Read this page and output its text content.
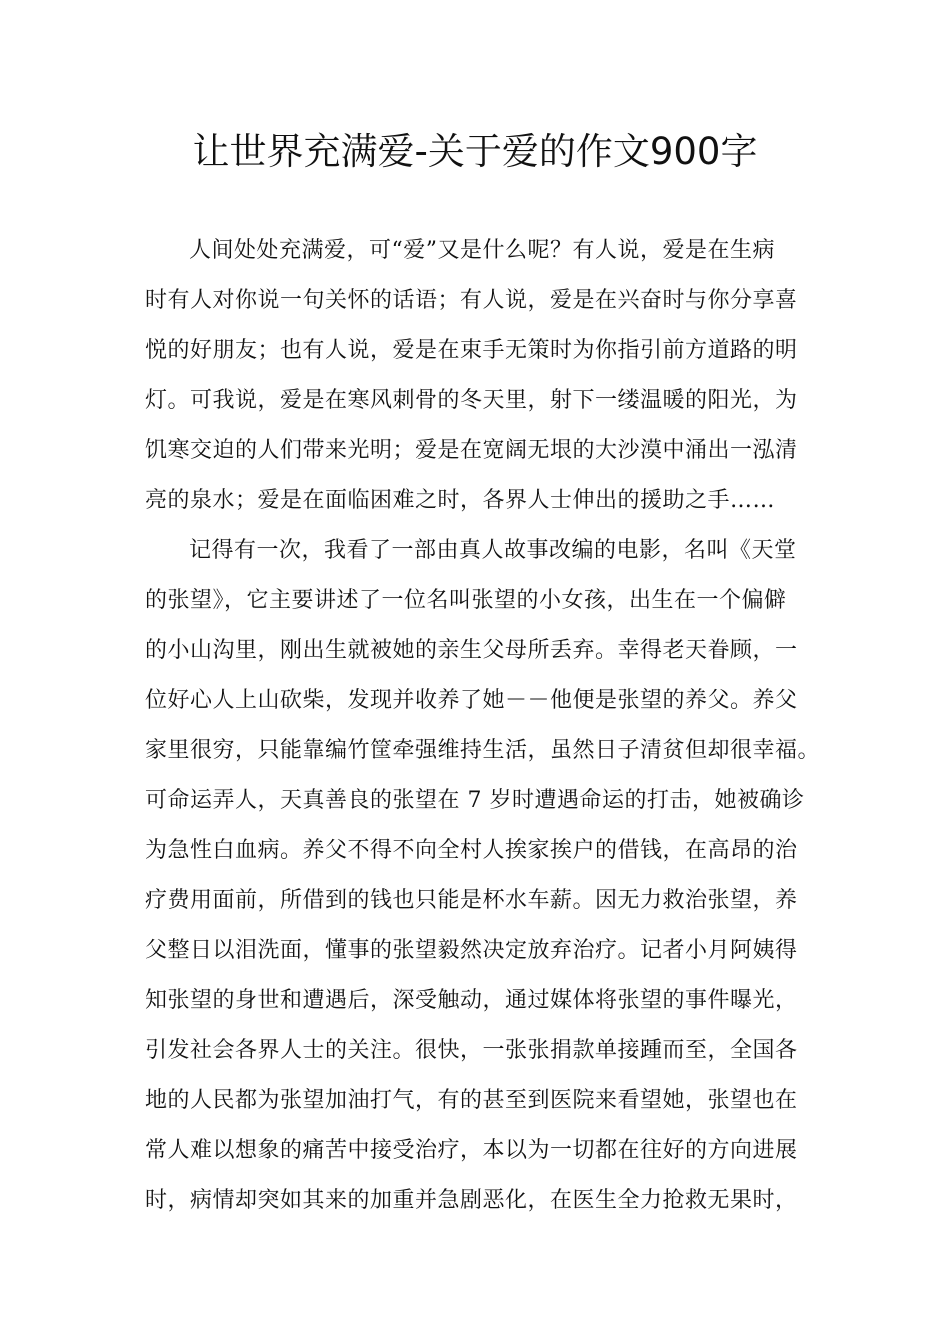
让世界充满爱-关于爱的作文900字
人间处处充满爱，可“爱”又是什么呢？有人说，爱是在生病
时有人对你说一句关怀的话语；有人说，爱是在兴奋时与你分享喜
悦的好朋友；也有人说，爱是在束手无策时为你指引前方道路的明
灯。可我说，爱是在寒风刺骨的冬天里，射下一缕温暖的阳光，为
饥寒交迫的人们带来光明；爱是在宽阔无垠的大沙漠中涌出一泓清
亮的泉水；爱是在面临困难之时，各界人士伸出的援助之手……
记得有一次，我看了一部由真人故事改编的电影，名叫《天堂
的张望》，它主要讲述了一位名叫张望的小女孩，出生在一个偏僻
的小山沟里，刚出生就被她的亲生父母所丢弃。幸得老天眷顾，一
位好心人上山砍柴，发现并收养了她－－他便是张望的养父。养父
家里很穷，只能靠编竹筐牵强维持生活，虽然日子清贫但却很幸福。
可命运弄人，天真善良的张望在 7 岁时遭遇命运的打击，她被确诊
为急性白血病。养父不得不向全村人挨家挨户的借钱，在高昂的治
疗费用面前，所借到的钱也只能是杯水车薪。因无力救治张望，养
父整日以泪洗面，懂事的张望毅然决定放弃治疗。记者小月阿姨得
知张望的身世和遭遇后，深受触动，通过媒体将张望的事件曝光，
引发社会各界人士的关注。很快，一张张捐款单接踵而至，全国各
地的人民都为张望加油打气，有的甚至到医院来看望她，张望也在
常人难以想象的痛苦中接受治疗，本以为一切都在往好的方向进展
时，病情却突如其来的加重并急剧恶化，在医生全力抢救无果时，
